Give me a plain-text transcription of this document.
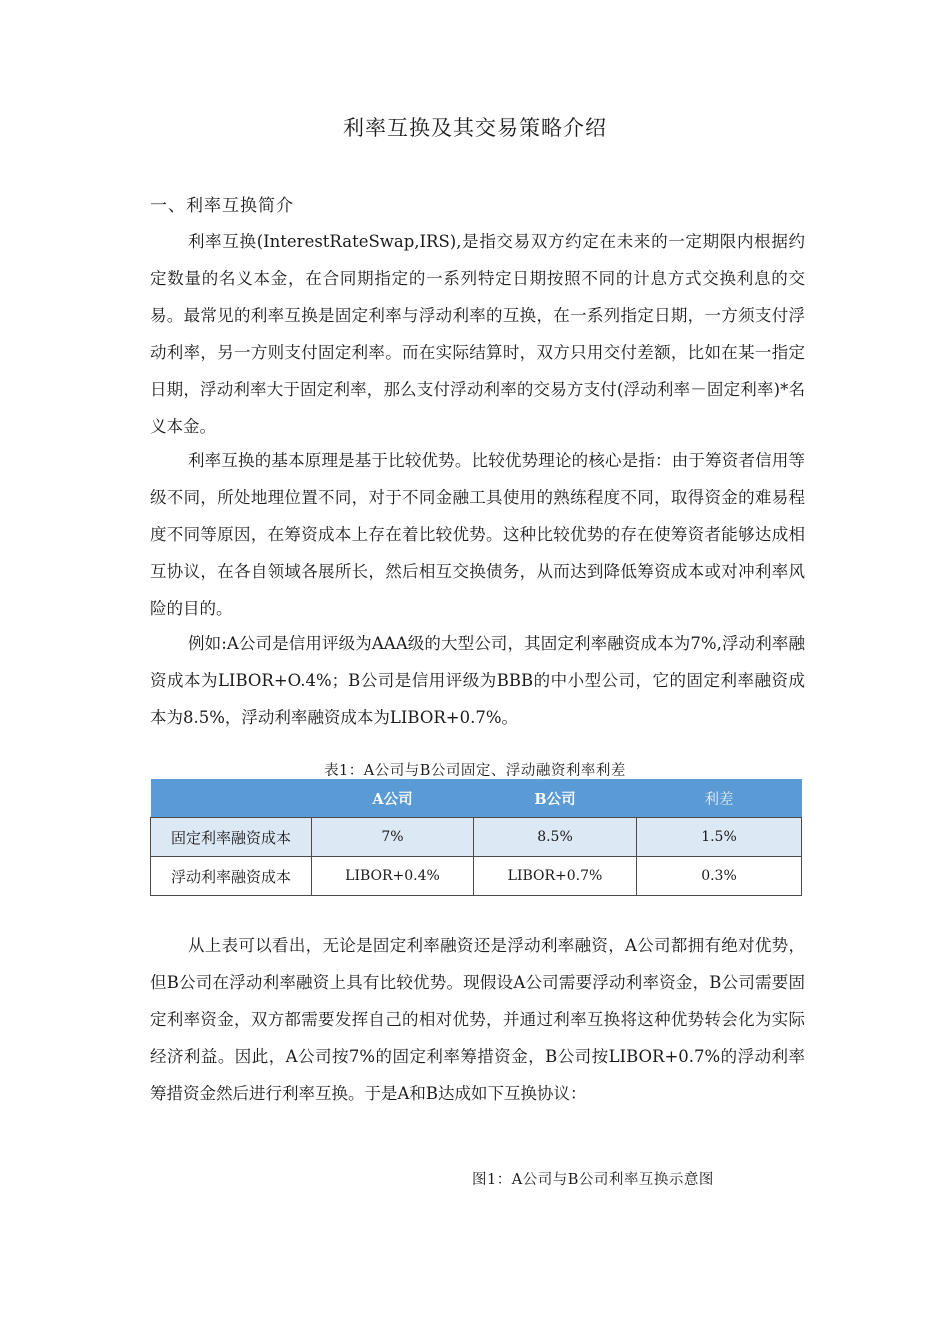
利率互换及其交易策略介绍
一、利率互换简介

利率互换(InterestRateSwap,IRS),是指交易双方约定在未来的一定期限内根据约定数量的名义本金，在合同期指定的一系列特定日期按照不同的计息方式交换利息的交易。最常见的利率互换是固定利率与浮动利率的互换，在一系列指定日期，一方须支付浮动利率，另一方则支付固定利率。而在实际结算时，双方只用交付差额，比如在某一指定日期，浮动利率大于固定利率，那么支付浮动利率的交易方支付(浮动利率－固定利率)*名义本金。

利率互换的基本原理是基于比较优势。比较优势理论的核心是指：由于筹资者信用等级不同，所处地理位置不同，对于不同金融工具使用的熟练程度不同，取得资金的难易程度不同等原因，在筹资成本上存在着比较优势。这种比较优势的存在使筹资者能够达成相互协议，在各自领域各展所长，然后相互交换债务，从而达到降低筹资成本或对冲利率风险的目的。

例如:A公司是信用评级为AAA级的大型公司，其固定利率融资成本为7%,浮动利率融资成本为LIBOR+O.4%；B公司是信用评级为BBB的中小型公司，它的固定利率融资成本为8.5%，浮动利率融资成本为LIBOR+0.7%。

表1：A公司与B公司固定、浮动融资利率利差
	A公司	B公司	利差
固定利率融资成本	7%	8.5%	1.5%
浮动利率融资成本	LIBOR+0.4%	LIBOR+0.7%	0.3%

从上表可以看出，无论是固定利率融资还是浮动利率融资，A公司都拥有绝对优势，但B公司在浮动利率融资上具有比较优势。现假设A公司需要浮动利率资金，B公司需要固定利率资金，双方都需要发挥自己的相对优势，并通过利率互换将这种优势转会化为实际经济利益。因此，A公司按7%的固定利率筹措资金，B公司按LIBOR+0.7%的浮动利率筹措资金然后进行利率互换。于是A和B达成如下互换协议：

图1：A公司与B公司利率互换示意图
